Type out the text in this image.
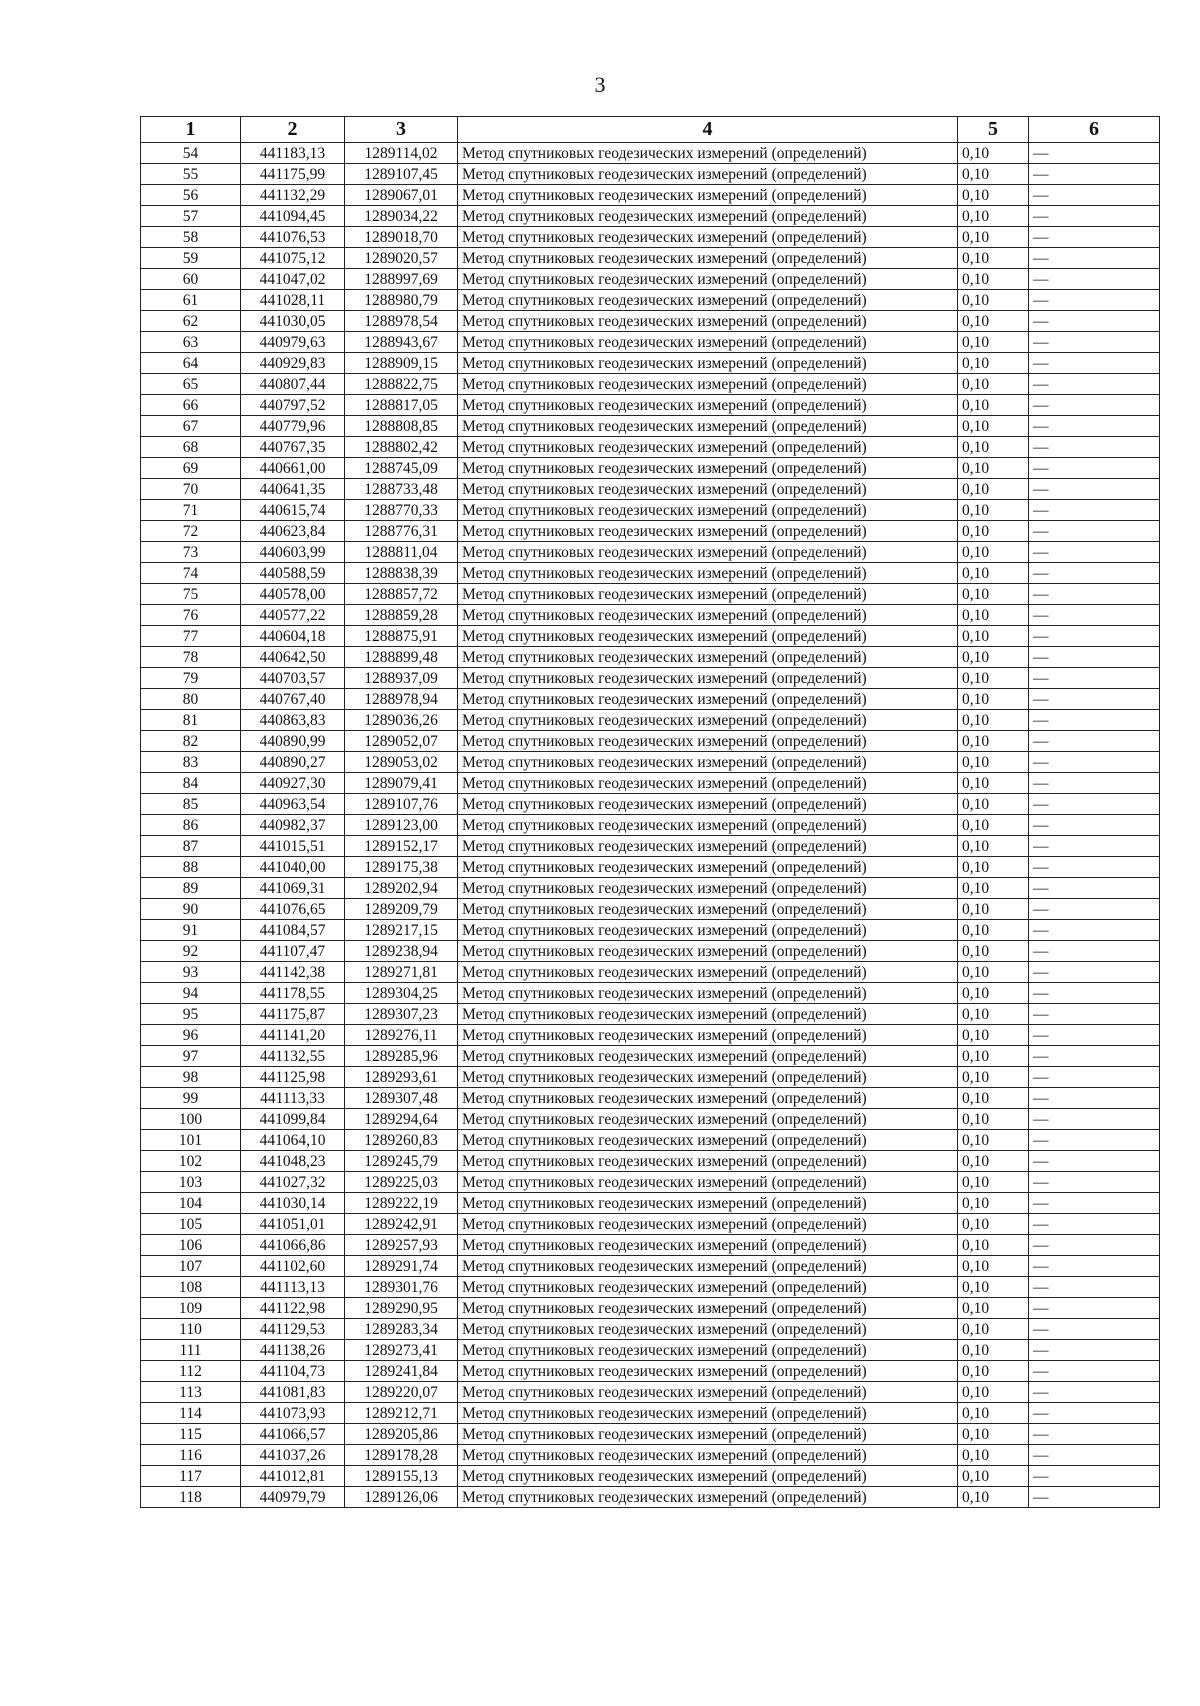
3
1	2	3	4	5	6
54	441183,13	1289114,02	Метод спутниковых геодезических измерений (определений)	0,10	—
55	441175,99	1289107,45	Метод спутниковых геодезических измерений (определений)	0,10	—
56	441132,29	1289067,01	Метод спутниковых геодезических измерений (определений)	0,10	—
57	441094,45	1289034,22	Метод спутниковых геодезических измерений (определений)	0,10	—
58	441076,53	1289018,70	Метод спутниковых геодезических измерений (определений)	0,10	—
59	441075,12	1289020,57	Метод спутниковых геодезических измерений (определений)	0,10	—
60	441047,02	1288997,69	Метод спутниковых геодезических измерений (определений)	0,10	—
61	441028,11	1288980,79	Метод спутниковых геодезических измерений (определений)	0,10	—
62	441030,05	1288978,54	Метод спутниковых геодезических измерений (определений)	0,10	—
63	440979,63	1288943,67	Метод спутниковых геодезических измерений (определений)	0,10	—
64	440929,83	1288909,15	Метод спутниковых геодезических измерений (определений)	0,10	—
65	440807,44	1288822,75	Метод спутниковых геодезических измерений (определений)	0,10	—
66	440797,52	1288817,05	Метод спутниковых геодезических измерений (определений)	0,10	—
67	440779,96	1288808,85	Метод спутниковых геодезических измерений (определений)	0,10	—
68	440767,35	1288802,42	Метод спутниковых геодезических измерений (определений)	0,10	—
69	440661,00	1288745,09	Метод спутниковых геодезических измерений (определений)	0,10	—
70	440641,35	1288733,48	Метод спутниковых геодезических измерений (определений)	0,10	—
71	440615,74	1288770,33	Метод спутниковых геодезических измерений (определений)	0,10	—
72	440623,84	1288776,31	Метод спутниковых геодезических измерений (определений)	0,10	—
73	440603,99	1288811,04	Метод спутниковых геодезических измерений (определений)	0,10	—
74	440588,59	1288838,39	Метод спутниковых геодезических измерений (определений)	0,10	—
75	440578,00	1288857,72	Метод спутниковых геодезических измерений (определений)	0,10	—
76	440577,22	1288859,28	Метод спутниковых геодезических измерений (определений)	0,10	—
77	440604,18	1288875,91	Метод спутниковых геодезических измерений (определений)	0,10	—
78	440642,50	1288899,48	Метод спутниковых геодезических измерений (определений)	0,10	—
79	440703,57	1288937,09	Метод спутниковых геодезических измерений (определений)	0,10	—
80	440767,40	1288978,94	Метод спутниковых геодезических измерений (определений)	0,10	—
81	440863,83	1289036,26	Метод спутниковых геодезических измерений (определений)	0,10	—
82	440890,99	1289052,07	Метод спутниковых геодезических измерений (определений)	0,10	—
83	440890,27	1289053,02	Метод спутниковых геодезических измерений (определений)	0,10	—
84	440927,30	1289079,41	Метод спутниковых геодезических измерений (определений)	0,10	—
85	440963,54	1289107,76	Метод спутниковых геодезических измерений (определений)	0,10	—
86	440982,37	1289123,00	Метод спутниковых геодезических измерений (определений)	0,10	—
87	441015,51	1289152,17	Метод спутниковых геодезических измерений (определений)	0,10	—
88	441040,00	1289175,38	Метод спутниковых геодезических измерений (определений)	0,10	—
89	441069,31	1289202,94	Метод спутниковых геодезических измерений (определений)	0,10	—
90	441076,65	1289209,79	Метод спутниковых геодезических измерений (определений)	0,10	—
91	441084,57	1289217,15	Метод спутниковых геодезических измерений (определений)	0,10	—
92	441107,47	1289238,94	Метод спутниковых геодезических измерений (определений)	0,10	—
93	441142,38	1289271,81	Метод спутниковых геодезических измерений (определений)	0,10	—
94	441178,55	1289304,25	Метод спутниковых геодезических измерений (определений)	0,10	—
95	441175,87	1289307,23	Метод спутниковых геодезических измерений (определений)	0,10	—
96	441141,20	1289276,11	Метод спутниковых геодезических измерений (определений)	0,10	—
97	441132,55	1289285,96	Метод спутниковых геодезических измерений (определений)	0,10	—
98	441125,98	1289293,61	Метод спутниковых геодезических измерений (определений)	0,10	—
99	441113,33	1289307,48	Метод спутниковых геодезических измерений (определений)	0,10	—
100	441099,84	1289294,64	Метод спутниковых геодезических измерений (определений)	0,10	—
101	441064,10	1289260,83	Метод спутниковых геодезических измерений (определений)	0,10	—
102	441048,23	1289245,79	Метод спутниковых геодезических измерений (определений)	0,10	—
103	441027,32	1289225,03	Метод спутниковых геодезических измерений (определений)	0,10	—
104	441030,14	1289222,19	Метод спутниковых геодезических измерений (определений)	0,10	—
105	441051,01	1289242,91	Метод спутниковых геодезических измерений (определений)	0,10	—
106	441066,86	1289257,93	Метод спутниковых геодезических измерений (определений)	0,10	—
107	441102,60	1289291,74	Метод спутниковых геодезических измерений (определений)	0,10	—
108	441113,13	1289301,76	Метод спутниковых геодезических измерений (определений)	0,10	—
109	441122,98	1289290,95	Метод спутниковых геодезических измерений (определений)	0,10	—
110	441129,53	1289283,34	Метод спутниковых геодезических измерений (определений)	0,10	—
111	441138,26	1289273,41	Метод спутниковых геодезических измерений (определений)	0,10	—
112	441104,73	1289241,84	Метод спутниковых геодезических измерений (определений)	0,10	—
113	441081,83	1289220,07	Метод спутниковых геодезических измерений (определений)	0,10	—
114	441073,93	1289212,71	Метод спутниковых геодезических измерений (определений)	0,10	—
115	441066,57	1289205,86	Метод спутниковых геодезических измерений (определений)	0,10	—
116	441037,26	1289178,28	Метод спутниковых геодезических измерений (определений)	0,10	—
117	441012,81	1289155,13	Метод спутниковых геодезических измерений (определений)	0,10	—
118	440979,79	1289126,06	Метод спутниковых геодезических измерений (определений)	0,10	—
